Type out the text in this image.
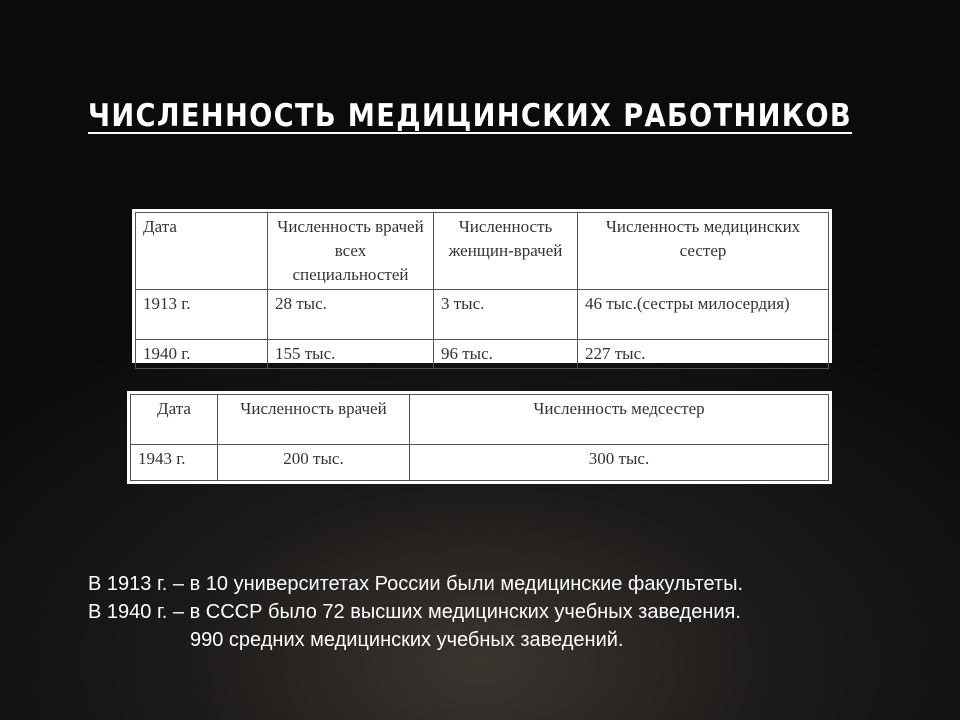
ЧИСЛЕННОСТЬ МЕДИЦИНСКИХ РАБОТНИКОВ
Дата	Численность врачей всех специальностей	Численность женщин-врачей	Численность медицинских сестер
1913 г.	28 тыс.	3 тыс.	46 тыс.(сестры милосердия)
1940 г.	155 тыс.	96 тыс.	227 тыс.
Дата	Численность врачей	Численность медсестер
1943 г.	200 тыс.	300 тыс.
В 1913 г. – в 10 университетах России были медицинские факультеты.
В 1940 г. – в СССР было 72 высших медицинских учебных заведения.
990 средних медицинских учебных заведений.
